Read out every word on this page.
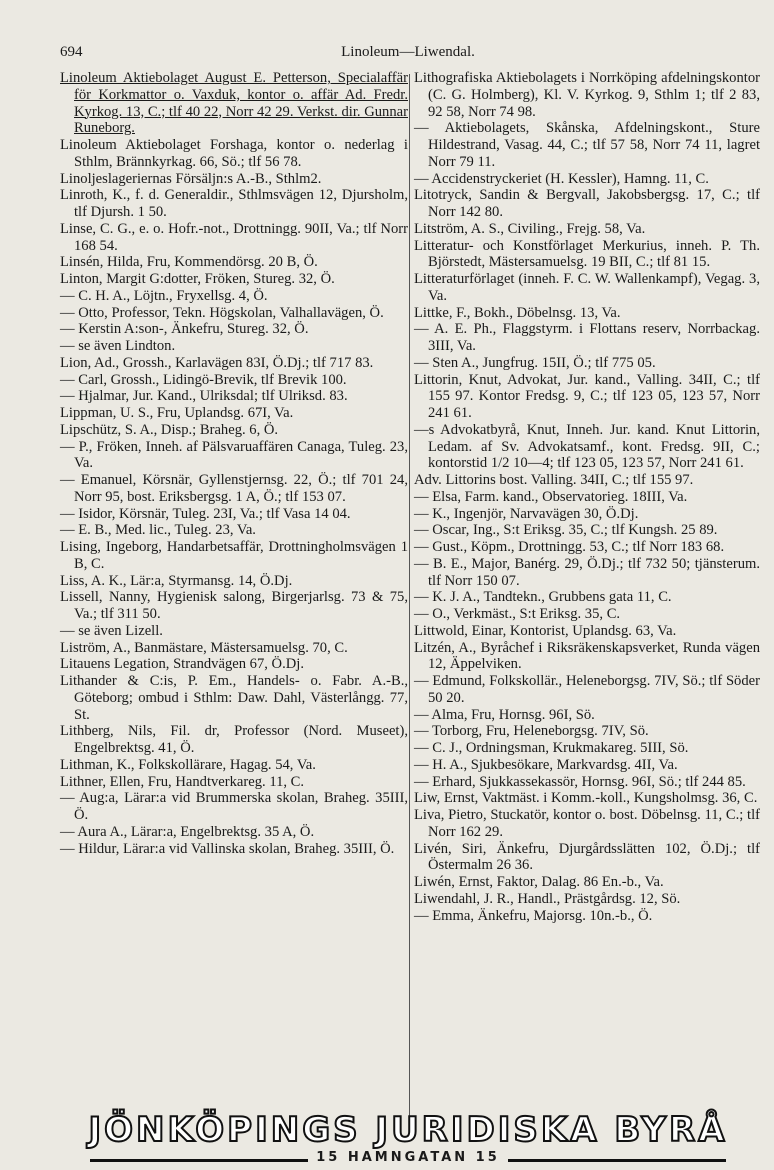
694	Linoleum—Liwendal.

Linoleum Aktiebolaget August E. Petterson, Specialaffär för Korkmattor o. Vaxduk, kontor o. affär Ad. Fredr. Kyrkog. 13, C.; tlf 40 22, Norr 42 29. Verkst. dir. Gunnar Runeborg.

Linoleum Aktiebolaget Forshaga, kontor o. nederlag i Sthlm, Brännkyrkag. 66, Sö.; tlf 56 78.

Linoljeslageriernas Försäljn:s A.-B., Sthlm2.

Linroth, K., f. d. Generaldir., Sthlmsvägen 12, Djursholm, tlf Djursh. 1 50.

Linse, C. G., e. o. Hofr.-not., Drottningg. 90II, Va.; tlf Norr 168 54.

Linsén, Hilda, Fru, Kommendörsg. 20 B, Ö.

Linton, Margit G:dotter, Fröken, Stureg. 32, Ö.

— C. H. A., Löjtn., Fryxellsg. 4, Ö.

— Otto, Professor, Tekn. Högskolan, Valhallavägen, Ö.

— Kerstin A:son-, Änkefru, Stureg. 32, Ö.

— se även Lindton.

Lion, Ad., Grossh., Karlavägen 83I, Ö.Dj.; tlf 717 83.

— Carl, Grossh., Lidingö-Brevik, tlf Brevik 100.

— Hjalmar, Jur. Kand., Ulriksdal; tlf Ulriksd. 83.

Lippman, U. S., Fru, Uplandsg. 67I, Va.

Lipschütz, S. A., Disp.; Braheg. 6, Ö.

— P., Fröken, Inneh. af Pälsvaruaffären Canaga, Tuleg. 23, Va.

— Emanuel, Körsnär, Gyllenstjernsg. 22, Ö.; tlf 701 24, Norr 95, bost. Eriksbergsg. 1 A, Ö.; tlf 153 07.

— Isidor, Körsnär, Tuleg. 23I, Va.; tlf Vasa 14 04.

— E. B., Med. lic., Tuleg. 23, Va.

Lising, Ingeborg, Handarbetsaffär, Drottningholmsvägen 1 B, C.

Liss, A. K., Lär:a, Styrmansg. 14, Ö.Dj.

Lissell, Nanny, Hygienisk salong, Birgerjarlsg. 73 & 75, Va.; tlf 311 50.

— se även Lizell.

Liström, A., Banmästare, Mästersamuelsg. 70, C.

Litauens Legation, Strandvägen 67, Ö.Dj.

Lithander & C:is, P. Em., Handels- o. Fabr. A.-B., Göteborg; ombud i Sthlm: Daw. Dahl, Västerlångg. 77, St.

Lithberg, Nils, Fil. dr, Professor (Nord. Museet), Engelbrektsg. 41, Ö.

Lithman, K., Folkskollärare, Hagag. 54, Va.

Lithner, Ellen, Fru, Handtverkareg. 11, C.

— Aug:a, Lärar:a vid Brummerska skolan, Braheg. 35III, Ö.

— Aura A., Lärar:a, Engelbrektsg. 35 A, Ö.

— Hildur, Lärar:a vid Vallinska skolan, Braheg. 35III, Ö.

Lithografiska Aktiebolagets i Norrköping afdelningskontor (C. G. Holmberg), Kl. V. Kyrkog. 9, Sthlm 1; tlf 2 83, 92 58, Norr 74 98.

— Aktiebolagets, Skånska, Afdelningskont., Sture Hildestrand, Vasag. 44, C.; tlf 57 58, Norr 74 11, lagret Norr 79 11.

— Accidenstryckeriet (H. Kessler), Hamng. 11, C.

Litotryck, Sandin & Bergvall, Jakobsbergsg. 17, C.; tlf Norr 142 80.

Litström, A. S., Civiling., Frejg. 58, Va.

Litteratur- och Konstförlaget Merkurius, inneh. P. Th. Björstedt, Mästersamuelsg. 19 BII, C.; tlf 81 15.

Litteraturförlaget (inneh. F. C. W. Wallenkampf), Vegag. 3, Va.

Littke, F., Bokh., Döbelnsg. 13, Va.

— A. E. Ph., Flaggstyrm. i Flottans reserv, Norrbackag. 3III, Va.

— Sten A., Jungfrug. 15II, Ö.; tlf 775 05.

Littorin, Knut, Advokat, Jur. kand., Valling. 34II, C.; tlf 155 97. Kontor Fredsg. 9, C.; tlf 123 05, 123 57, Norr 241 61.

—s Advokatbyrå, Knut, Inneh. Jur. kand. Knut Littorin, Ledam. af Sv. Advokatsamf., kont. Fredsg. 9II, C.; kontorstid 1/2 10—4; tlf 123 05, 123 57, Norr 241 61.

Adv. Littorins bost. Valling. 34II, C.; tlf 155 97.

— Elsa, Farm. kand., Observatorieg. 18III, Va.

— K., Ingenjör, Narvavägen 30, Ö.Dj.

— Oscar, Ing., S:t Eriksg. 35, C.; tlf Kungsh. 25 89.

— Gust., Köpm., Drottningg. 53, C.; tlf Norr 183 68.

— B. E., Major, Banérg. 29, Ö.Dj.; tlf 732 50; tjänsterum. tlf Norr 150 07.

— K. J. A., Tandtekn., Grubbens gata 11, C.

— O., Verkmäst., S:t Eriksg. 35, C.

Littwold, Einar, Kontorist, Uplandsg. 63, Va.

Litzén, A., Byråchef i Riksräkenskapsverket, Runda vägen 12, Äppelviken.

— Edmund, Folkskollär., Heleneborgsg. 7IV, Sö.; tlf Söder 50 20.

— Alma, Fru, Hornsg. 96I, Sö.

— Torborg, Fru, Heleneborgsg. 7IV, Sö.

— C. J., Ordningsman, Krukmakareg. 5III, Sö.

— H. A., Sjukbesökare, Markvardsg. 4II, Va.

— Erhard, Sjukkassekassör, Hornsg. 96I, Sö.; tlf 244 85.

Liw, Ernst, Vaktmäst. i Komm.-koll., Kungsholmsg. 36, C.

Liva, Pietro, Stuckatör, kontor o. bost. Döbelnsg. 11, C.; tlf Norr 162 29.

Livén, Siri, Änkefru, Djurgårdsslätten 102, Ö.Dj.; tlf Östermalm 26 36.

Liwén, Ernst, Faktor, Dalag. 86 En.-b., Va.

Liwendahl, J. R., Handl., Prästgårdsg. 12, Sö.

— Emma, Änkefru, Majorsg. 10n.-b., Ö.

JÖNKÖPINGS JURIDISKA BYRÅ
15 HAMNGATAN 15
